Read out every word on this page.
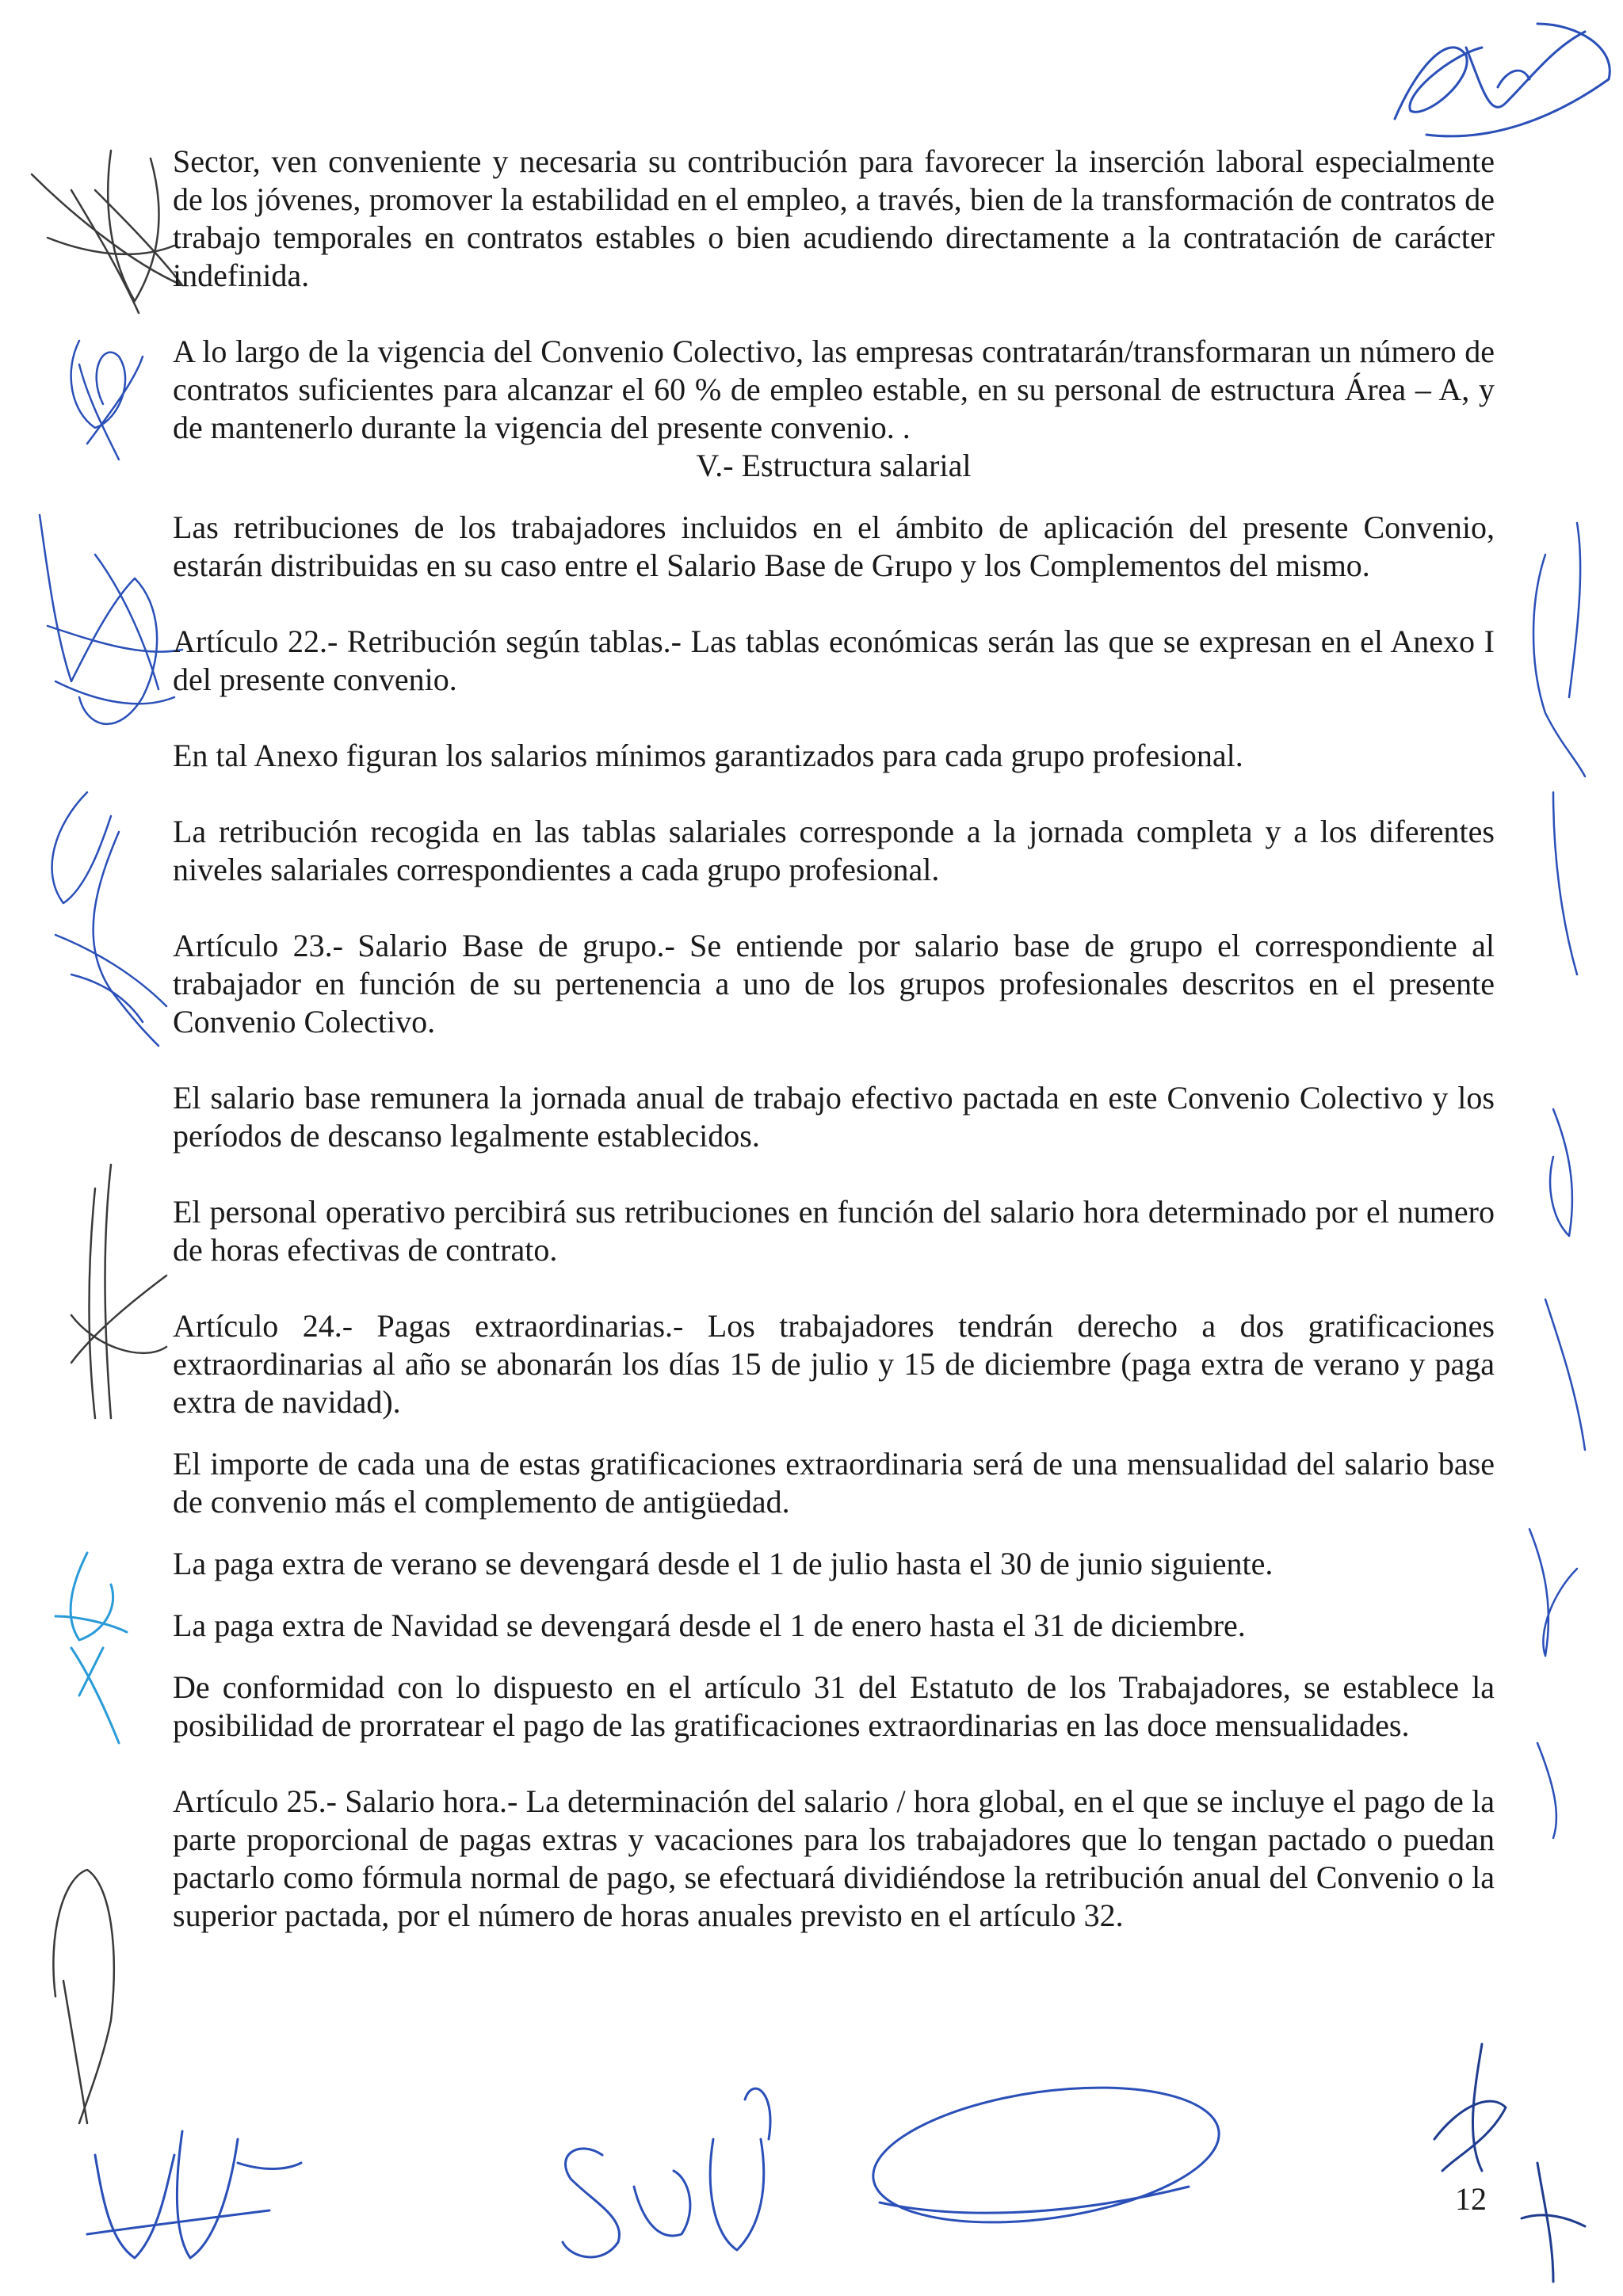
Sector, ven conveniente y necesaria su contribución para favorecer la inserción laboral especialmente de los jóvenes, promover la estabilidad en el empleo, a través, bien de la transformación de contratos de trabajo temporales en contratos estables o bien acudiendo directamente a la contratación de carácter indefinida.

A lo largo de la vigencia del Convenio Colectivo, las empresas contratarán/transformaran un número de contratos suficientes para alcanzar el 60 % de empleo estable, en su personal de estructura Área – A, y de mantenerlo durante la vigencia del presente convenio. .

V.- Estructura salarial

Las retribuciones de los trabajadores incluidos en el ámbito de aplicación del presente Convenio, estarán distribuidas en su caso entre el Salario Base de Grupo y los Complementos del mismo.

Artículo 22.- Retribución según tablas.- Las tablas económicas serán las que se expresan en el Anexo I del presente convenio.

En tal Anexo figuran los salarios mínimos garantizados para cada grupo profesional.

La retribución recogida en las tablas salariales corresponde a la jornada completa y a los diferentes niveles salariales correspondientes a cada grupo profesional.

Artículo 23.- Salario Base de grupo.- Se entiende por salario base de grupo el correspondiente al trabajador en función de su pertenencia a uno de los grupos profesionales descritos en el presente Convenio Colectivo.

El salario base remunera la jornada anual de trabajo efectivo pactada en este Convenio Colectivo y los períodos de descanso legalmente establecidos.

El personal operativo percibirá sus retribuciones en función del salario hora determinado por el numero de horas efectivas de contrato.

Artículo 24.- Pagas extraordinarias.- Los trabajadores tendrán derecho a dos gratificaciones extraordinarias al año se abonarán los días 15 de julio y 15 de diciembre (paga extra de verano y paga extra de navidad).

El importe de cada una de estas gratificaciones extraordinaria será de una mensualidad del salario base de convenio más el complemento de antigüedad.

La paga extra de verano se devengará desde el 1 de julio hasta el 30 de junio siguiente.

La paga extra de Navidad se devengará desde el 1 de enero hasta el 31 de diciembre.

De conformidad con lo dispuesto en el artículo 31 del Estatuto de los Trabajadores, se establece la posibilidad de prorratear el pago de las gratificaciones extraordinarias en las doce mensualidades.

Artículo 25.- Salario hora.- La determinación del salario / hora global, en el que se incluye el pago de la parte proporcional de pagas extras y vacaciones para los trabajadores que lo tengan pactado o puedan pactarlo como fórmula normal de pago, se efectuará dividiéndose la retribución anual del Convenio o la superior pactada, por el número de horas anuales previsto en el artículo 32.

12
